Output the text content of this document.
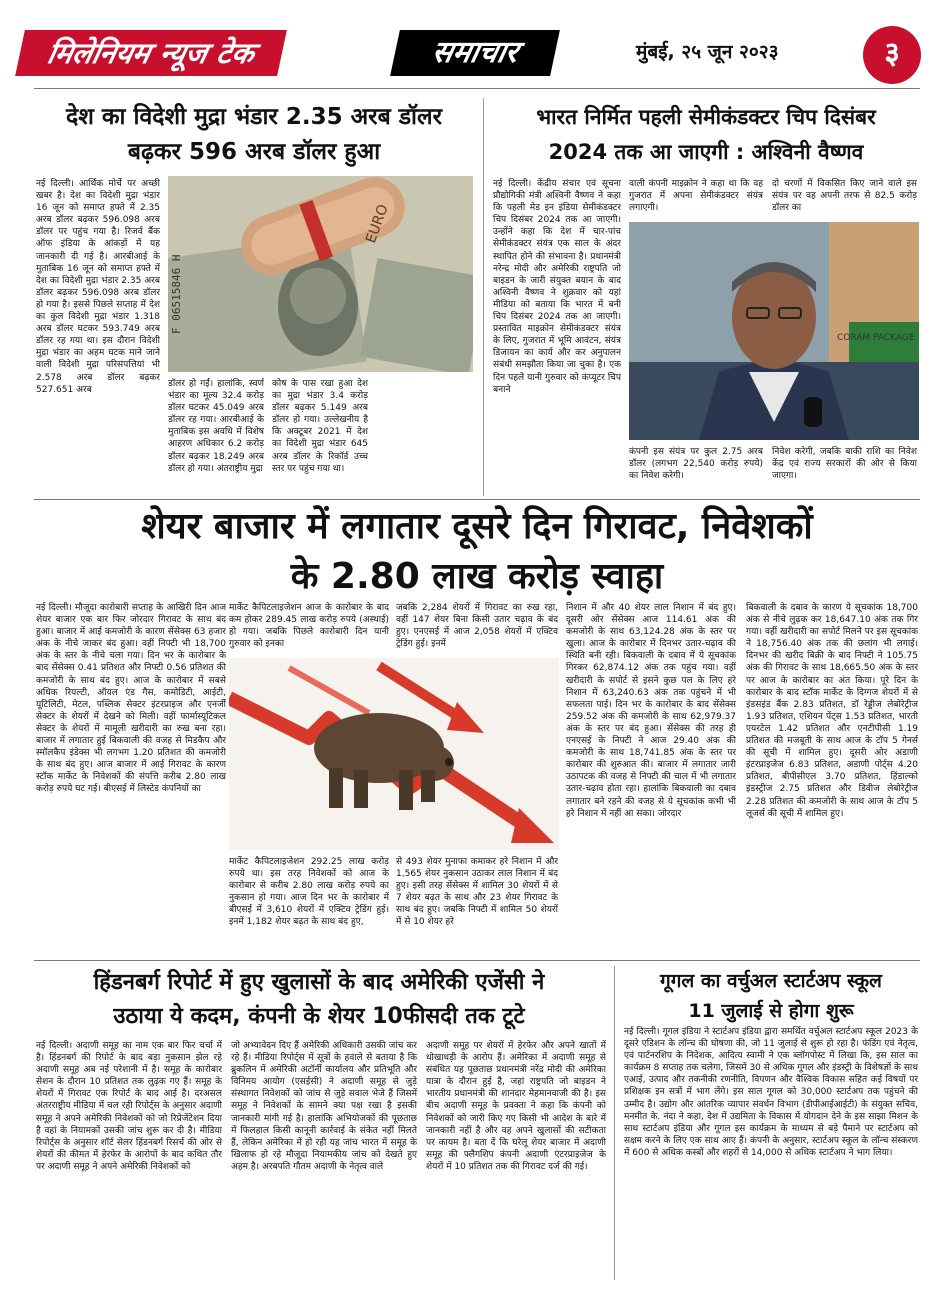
मिलेनियम न्यूज टेक	समाचार	मुंबई, २५ जून २०२३	३
देश का विदेशी मुद्रा भंडार 2.35 अरब डॉलर
बढ़कर 596 अरब डॉलर हुआ
नई दिल्ली। आर्थिक मोर्चे पर अच्छी खबर है। देश का विदेशी मुद्रा भंडार 16 जून को समाप्त हफ्ते में 2.35 अरब डॉलर बढ़कर 596.098 अरब डॉलर पर पहुंच गया है। रिजर्व बैंक ऑफ इंडिया के आंकड़ों में यह जानकारी दी गई है। आरबीआई के मुताबिक 16 जून को समाप्त हफ्ते में देश का विदेशी मुद्रा भंडार 2.35 अरब डॉलर बढ़कर 596.098 अरब डॉलर हो गया है। इससे पिछले सप्ताह में देश का कुल विदेशी मुद्रा भंडार 1.318 अरब डॉलर घटकर 593.749 अरब डॉलर रह गया था। इस दौरान विदेशी मुद्रा भंडार का अहम घटक माने जाने वाली विदेशी मुद्रा परिसंपत्तियां भी 2.578 अरब डॉलर बढ़कर 527.651 अरब
EURO
F 06515846 H
डॉलर हो गईं। हालांकि, स्वर्ण भंडार का मूल्य 32.4 करोड़ डॉलर घटकर 45.049 अरब डॉलर रह गया। आरबीआई के मुताबिक इस अवधि में विशेष आहरण अधिकार 6.2 करोड़ डॉलर बढ़कर 18.249 अरब डॉलर हो गया। अंतराष्ट्रीय मुद्रा
कोष के पास रखा हुआ देश का मुद्रा भंडार 3.4 करोड़ डॉलर बढ़कर 5.149 अरब डॉलर हो गया। उल्लेखनीय है कि अक्टूबर 2021 में देश का विदेशी मुद्रा भंडार 645 अरब डॉलर के रिकॉर्ड उच्च स्तर पर पहुंच गया था।
भारत निर्मित पहली सेमीकंडक्टर चिप दिसंबर
2024 तक आ जाएगी : अश्विनी वैष्णव
नई दिल्ली। केंद्रीय संचार एवं सूचना प्रौद्योगिकी मंत्री अश्विनी वैष्णव ने कहा कि पहली मेड इन इंडिया सेमीकंडक्टर चिप दिसंबर 2024 तक आ जाएगी। उन्होंने कहा कि देश में चार-पांच सेमीकंडक्टर संयंत्र एक साल के अंदर स्थापित होने की संभावना है। प्रधानमंत्री नरेन्द्र मोदी और अमेरिकी राष्ट्रपति जो बाइडन के जारी संयुक्त बयान के बाद अश्विनी वैष्णव ने शुक्रवार को यहां मीडिया को बताया कि भारत में बनी चिप दिसंबर 2024 तक आ जाएगी। प्रस्तावित माइक्रोन सेमीकंडक्टर संयंत्र के लिए, गुजरात में भूमि आवंटन, संयंत्र डिजायन का कार्य और कर अनुपालन संबंधी समझौता किया जा चुका है। एक दिन पहले यानी गुरुवार को कंप्यूटर चिप बनाने
वाली कंपनी माइक्रोन ने कहा था कि वह गुजरात में अपना सेमीकंडक्टर संयंत्र लगाएगी।
दो चरणों में विकसित किए जाने वाले इस संयंत्र पर वह अपनी तरफ से 82.5 करोड़ डॉलर का
CORAM PACKAGE
कंपनी इस संयंत्र पर कुल 2.75 अरब डॉलर (लगभग 22,540 करोड़ रुपये) का निवेश करेगी।
निवेश करेगी, जबकि बाकी राशि का निवेश केंद्र एवं राज्य सरकारों की ओर से किया जाएगा।
शेयर बाजार में लगातार दूसरे दिन गिरावट, निवेशकों
के 2.80 लाख करोड़ स्वाहा
नई दिल्ली। मौजूदा कारोबारी सप्ताह के आखिरी दिन आज शेयर बाजार एक बार फिर जोरदार गिरावट के साथ बंद हुआ। बाजार में आई कमजोरी के कारण सेंसेक्स 63 हजार अंक के नीचे जाकर बंद हुआ। वहीं निफ्टी भी 18,700 अंक के स्तर के नीचे चला गया। दिन भर के कारोबार के बाद सेंसेक्स 0.41 प्रतिशत और निफ्टी 0.56 प्रतिशत की कमजोरी के साथ बंद हुए। आज के कारोबार में सबसे अधिक रियल्टी, ऑयल एंड गैस, कमोडिटी, आईटी, यूटिलिटी, मेटल, पब्लिक सेक्टर इंटरप्राइज और एनर्जी सेक्टर के शेयरों में देखने को मिली। वहीं फार्मास्यूटिकल सेक्टर के शेयरों में मामूली खरीदारी का रुख बना रहा। बाजार में लगातार हुई बिकवाली की वजह से मिडकैप और स्मॉलकैप इंडेक्स भी लगभग 1.20 प्रतिशत की कमजोरी के साथ बंद हुए। आज बाजार में आई गिरावट के कारण स्टॉक मार्केट के निवेशकों की संपत्ति करीब 2.80 लाख करोड़ रुपये घट गई। बीएसई में लिस्टेड कंपनियों का
मार्केट कैपिटलाइजेशन आज के कारोबार के बाद कम होकर 289.45 लाख करोड़ रुपये (अस्थाई) हो गया। जबकि पिछले कारोबारी दिन यानी गुरुवार को इनका
जबकि 2,284 शेयरों में गिरावट का रुख रहा, वहीं 147 शेयर बिना किसी उतार चढ़ाव के बंद हुए। एनएसई में आज 2,058 शेयरों में एक्टिव ट्रेडिंग हुई। इनमें
मार्केट कैपिटलाइजेशन 292.25 लाख करोड़ रुपये था। इस तरह निवेशकों को आज के कारोबार से करीब 2.80 लाख करोड़ रुपये का नुकसान हो गया। आज दिन भर के कारोबार में बीएसई में 3,610 शेयरों में एक्टिव ट्रेडिंग हुई। इनमें 1,182 शेयर बढ़त के साथ बंद हुए,
से 493 शेयर मुनाफा कमाकर हरे निशान में और 1,565 शेयर नुकसान उठाकर लाल निशान में बंद हुए। इसी तरह सेंसेक्स में शामिल 30 शेयरों में से 7 शेयर बढ़त के साथ और 23 शेयर गिरावट के साथ बंद हुए। जबकि निफ्टी में शामिल 50 शेयरों में से 10 शेयर हरे
निशान में और 40 शेयर लाल निशान में बंद हुए। दूसरी ओर सेंसेक्स आज 114.61 अंक की कमजोरी के साथ 63,124.28 अंक के स्तर पर खुला। आज के कारोबार में दिनभर उतार-चढ़ाव की स्थिति बनी रही। बिकवाली के दबाव में ये सूचकांक गिरकर 62,874.12 अंक तक पहुंच गया। वहीं खरीदारी के सपोर्ट से इसने कुछ पल के लिए हरे निशान में 63,240.63 अंक तक पहुंचने में भी सफलता पाई। दिन भर के कारोबार के बाद सेंसेक्स 259.52 अंक की कमजोरी के साथ 62,979.37 अंक के स्तर पर बंद हुआ। सेंसेक्स की तरह ही एनएसई के निफ्टी ने आज 29.40 अंक की कमजोरी के साथ 18,741.85 अंक के स्तर पर कारोबार की शुरुआत की। बाजार में लगातार जारी उठापटक की वजह से निफ्टी की चाल में भी लगातार उतार-चढ़ाव होता रहा। हालांकि बिकवाली का दबाव लगातार बने रहने की वजह से ये सूचकांक कभी भी हरे निशान में नहीं आ सका। जोरदार
बिकवाली के दबाव के कारण ये सूचकांक 18,700 अंक से नीचे लुढ़क कर 18,647.10 अंक तक गिर गया। वहीं खरीदारी का सपोर्ट मिलने पर इस सूचकांक ने 18,756.40 अंक तक की छलांग भी लगाई। दिनभर की खरीद बिक्री के बाद निफ्टी ने 105.75 अंक की गिरावट के साथ 18,665.50 अंक के स्तर पर आज के कारोबार का अंत किया। पूरे दिन के कारोबार के बाद स्टॉक मार्केट के दिग्गज शेयरों में से इंडसइंड बैंक 2.83 प्रतिशत, डॉ रेड्डीज लेबोरेट्रीज 1.93 प्रतिशत, एशियन पेंट्स 1.53 प्रतिशत, भारती एयरटेल 1.42 प्रतिशत और एनटीपीसी 1.19 प्रतिशत की मजबूती के साथ आज के टॉप 5 गेनर्स की सूची में शामिल हुए। दूसरी ओर अडाणी इंटरप्राइजेज 6.83 प्रतिशत, अडाणी पोर्ट्स 4.20 प्रतिशत, बीपीसीएल 3.70 प्रतिशत, हिंडाल्को इंडस्ट्रीज 2.75 प्रतिशत और डिवीज लेबोरेट्रीज 2.28 प्रतिशत की कमजोरी के साथ आज के टॉप 5 लूजर्स की सूची में शामिल हुए।
हिंडनबर्ग रिपोर्ट में हुए खुलासों के बाद अमेरिकी एजेंसी ने
उठाया ये कदम, कंपनी के शेयर 10फीसदी तक टूटे
नई दिल्ली। अदाणी समूह का नाम एक बार फिर चर्चा में है। हिंडनबर्ग की रिपोर्ट के बाद बड़ा नुकसान झेल रहे अदाणी समूह अब नई परेशानी में है। समूह के कारोबार सेशन के दौरान 10 प्रतिशत तक लुढ़क गए हैं। समूह के शेयरों में गिरावट एक रिपोर्ट के बाद आई है। दरअसल अंतरराष्ट्रीय मीडिया में चल रही रिपोर्ट्स के अनुसार अदाणी समूह ने अपने अमेरिकी निवेशकों को जो रिप्रेजेंटेशन दिया है वहां के नियामकों उसकी जांच शुरू कर दी है। मीडिया रिपोर्ट्स के अनुसार शॉर्ट सेलर हिंडनबर्ग रिसर्च की ओर से शेयरों की कीमत में हेरफेर के आरोपों के बाद कथित तौर पर अदाणी समूह ने अपने अमेरिकी निवेशकों को
जो अभ्यावेदन दिए हैं अमेरिकी अधिकारी उसकी जांच कर रहे हैं। मीडिया रिपोर्ट्स में सूत्रों के हवाले से बताया है कि ब्रुकलिन में अमेरिकी अटॉर्नी कार्यालय और प्रतिभूति और विनिमय आयोग (एसईसी) ने अदाणी समूह से जुड़े संस्थागत निवेशकों को जांच से जुड़े सवाल भेजे हैं जिसमें समूह ने निवेशकों के सामने क्या पक्ष रखा है इसकी जानकारी मांगी गई है। हालांकि अभियोजकों की पूछताछ में फिलहाल किसी कानूनी कार्रवाई के संकेत नहीं मिलते हैं, लेकिन अमेरिका में हो रही यह जांच भारत में समूह के खिलाफ हो रहे मौजूदा नियामकीय जांच को देखते हुए अहम है। अरबपति गौतम अदाणी के नेतृत्व वाले
अदाणी समूह पर शेयरों में हेरफेर और अपने खातों में धोखाधड़ी के आरोप हैं। अमेरिका में अदाणी समूह से संबंधित यह पूछताछ प्रधानमंत्री नरेंद्र मोदी की अमेरिका यात्रा के दौरान हुई है, जहां राष्ट्रपति जो बाइडन ने भारतीय प्रधानमंत्री की शानदार मेहमानवाजी की है। इस बीच अदाणी समूह के प्रवक्ता ने कहा कि कंपनी को निवेशकों को जारी किए गए किसी भी आदेश के बारे में जानकारी नहीं है और वह अपने खुलासों की सटीकता पर कायम है। बता दें कि घरेलू शेयर बाजार में अदाणी समूह की फ्लैगशिप कंपनी अदाणी एंटरप्राइजेज के शेयरों में 10 प्रतिशत तक की गिरावट दर्ज की गई।
गूगल का वर्चुअल स्टार्टअप स्कूल
11 जुलाई से होगा शुरू
नई दिल्ली। गूगल इंडिया ने स्टार्टअप इंडिया द्वारा समर्थित वर्चुअल स्टार्टअप स्कूल 2023 के दूसरे एडिशन के लॉन्च की घोषणा की, जो 11 जुलाई से शुरू हो रहा है। फंडिंग एवं नेतृत्व, एवं पार्टनरशिप के निदेशक, आदित्य स्वामी ने एक ब्लॉगपोस्ट में लिखा कि, इस साल का कार्यक्रम 8 सप्ताह तक चलेगा, जिसमें 30 से अधिक गूगल और इंडस्ट्री के विशेषज्ञों के साथ एआई, उत्पाद और तकनीकी रणनीति, विपणन और वैश्विक विकास सहित कई विषयों पर प्रशिक्षक इन सत्रों में भाग लेंगे। इस साल गूगल को 30,000 स्टार्टअप तक पहुंचने की उम्मीद है। उद्योग और आंतरिक व्यापार संवर्धन विभाग (डीपीआईआईटी) के संयुक्त सचिव, मनमीत के. नंदा ने कहा, देश में उद्यमिता के विकास में योगदान देने के इस साझा मिशन के साथ स्टार्टअप इंडिया और गूगल इस कार्यक्रम के माध्यम से बड़े पैमाने पर स्टार्टअप को सक्षम करने के लिए एक साथ आए हैं। कंपनी के अनुसार, स्टार्टअप स्कूल के लॉन्च संस्करण में 600 से अधिक कस्बों और शहरों से 14,000 से अधिक स्टार्टअप ने भाग लिया।
